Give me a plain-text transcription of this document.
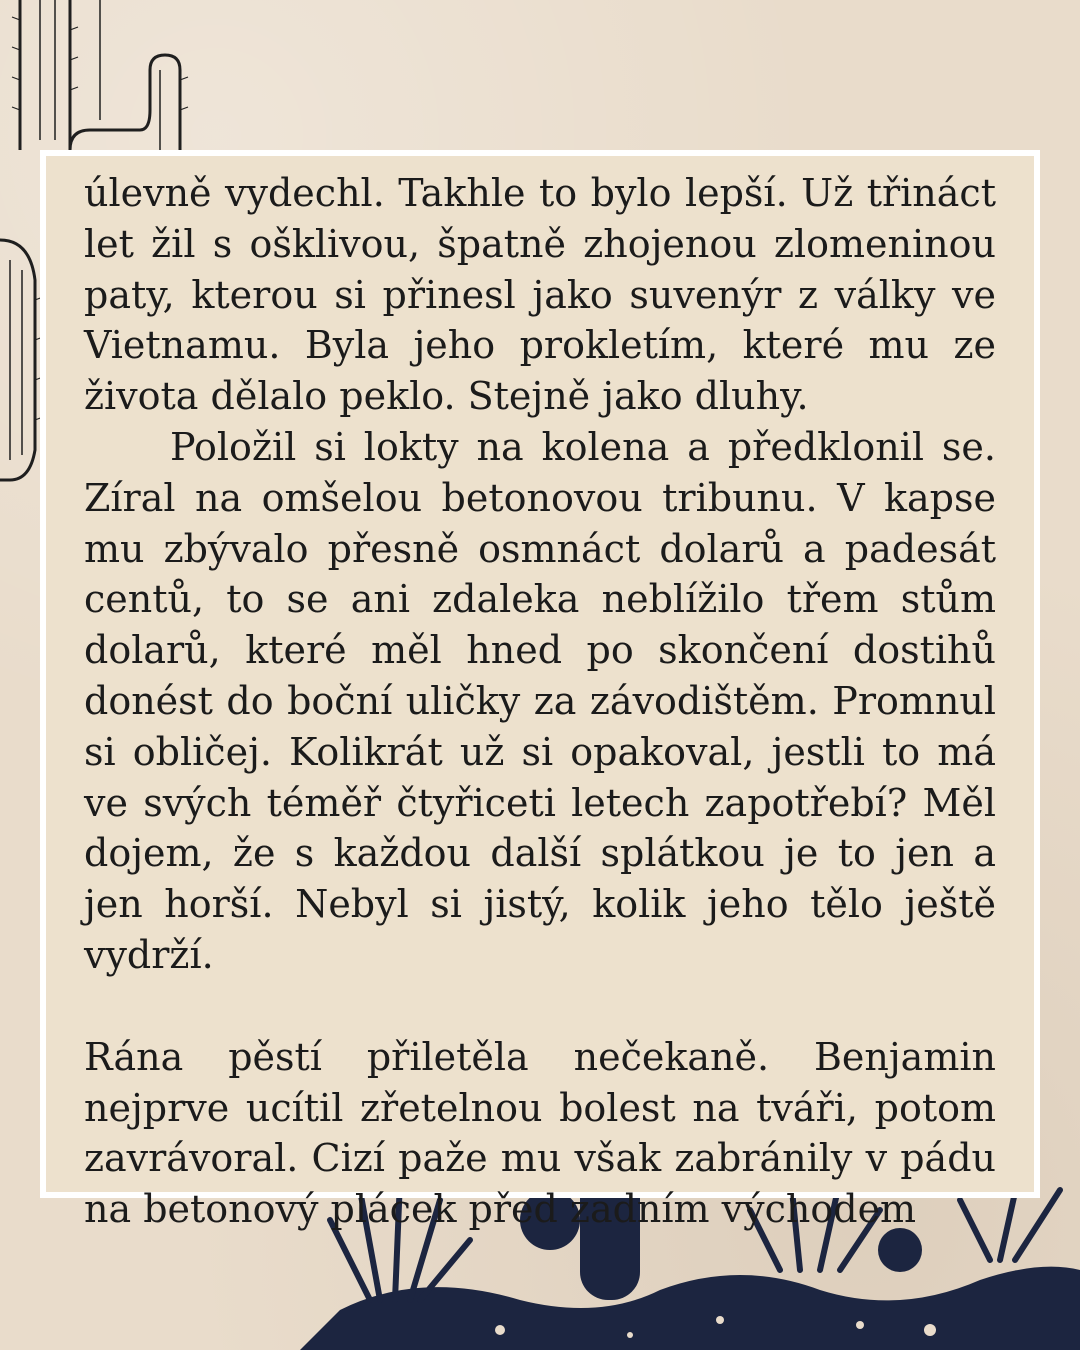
úlevně vydechl. Takhle to bylo lepší. Už třináct let žil s ošklivou, špatně zhojenou zlomeninou paty, kterou si přinesl jako suvenýr z války ve Vietnamu. Byla jeho prokletím, které mu ze života dělalo peklo. Stejně jako dluhy.

Položil si lokty na kolena a předklonil se. Zíral na omšelou betonovou tribunu. V kapse mu zbývalo přesně osmnáct dolarů a padesát centů, to se ani zdaleka neblížilo třem stům dolarů, které měl hned po skončení dostihů donést do boční uličky za závodištěm. Promnul si obličej. Kolikrát už si opakoval, jestli to má ve svých téměř čtyřiceti letech zapotřebí? Měl dojem, že s každou další splátkou je to jen a jen horší. Nebyl si jistý, kolik jeho tělo ještě vydrží.

Rána pěstí přiletěla nečekaně. Benjamin nejprve ucítil zřetelnou bolest na tváři, potom zavrávoral. Cizí paže mu však zabránily v pádu na betonový plácek před zadním východem
